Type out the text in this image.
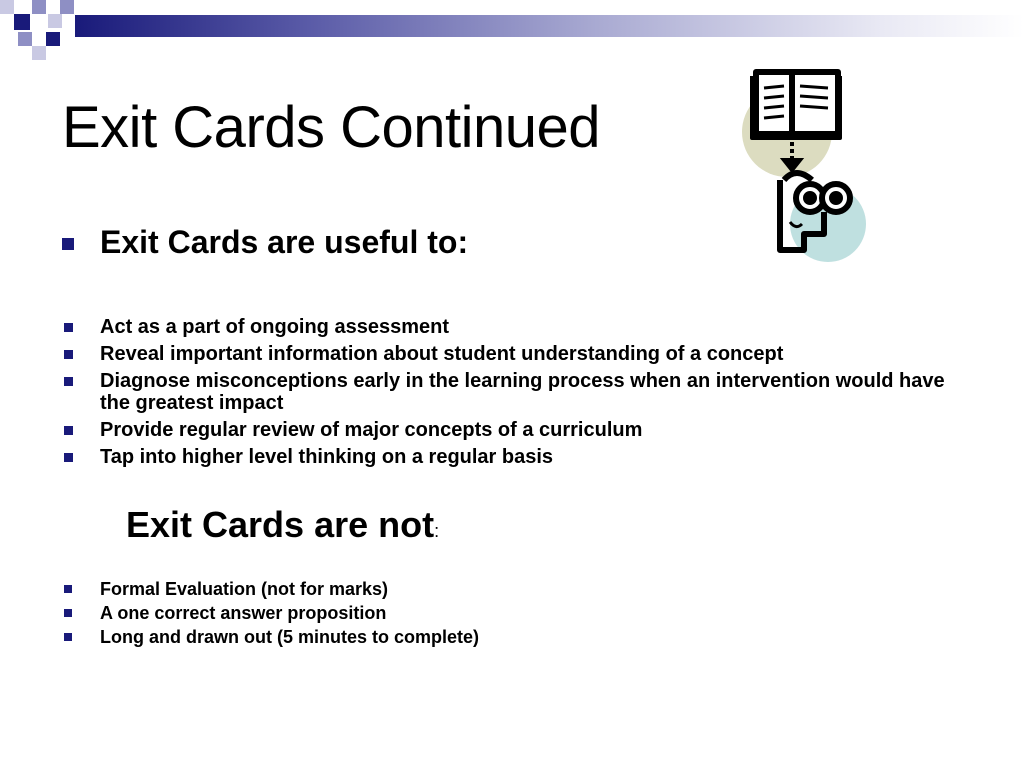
Exit Cards Continued
Exit Cards are useful to:
Act as a part of ongoing assessment
Reveal important information about student understanding of a concept
Diagnose misconceptions early in the learning process when an intervention would have the greatest impact
Provide regular review of major concepts of a curriculum
Tap into higher level thinking on a regular basis
Exit Cards are not:
Formal Evaluation (not for marks)
A one correct answer proposition
Long and drawn out (5 minutes to complete)
